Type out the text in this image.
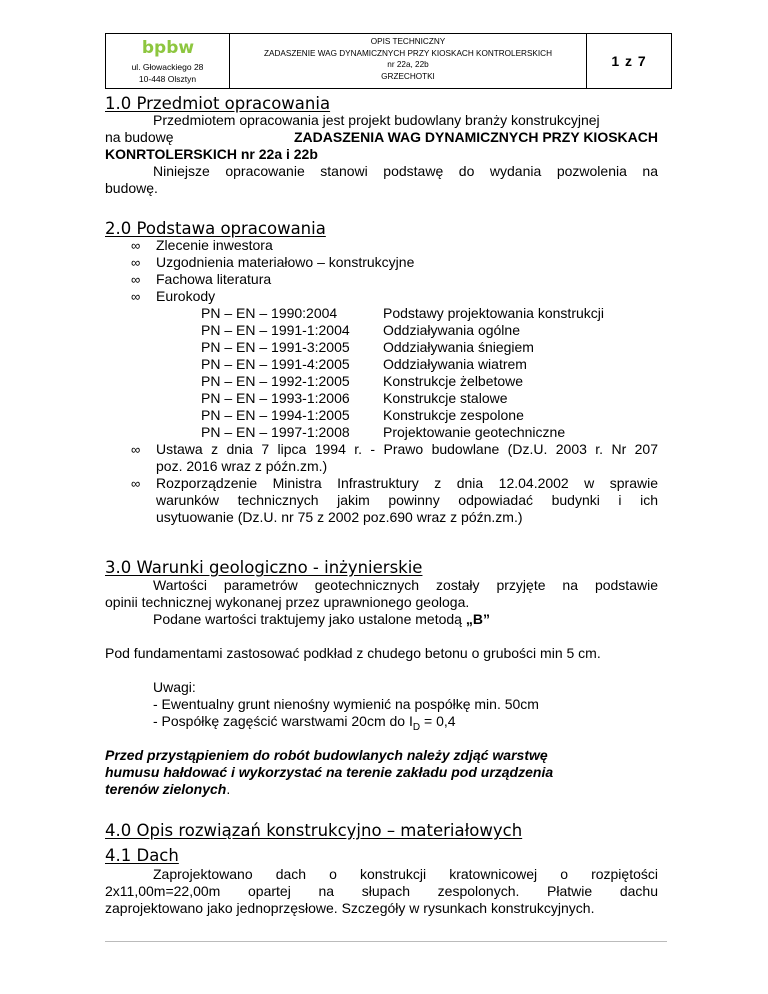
bpbw
ul. Głowackiego 28
10-448 Olsztyn
OPIS TECHNICZNY
ZADASZENIE WAG DYNAMICZNYCH PRZY KIOSKACH KONTROLERSKICH
nr 22a, 22b
GRZECHOTKI
1 z 7
1.0 Przedmiot opracowania
Przedmiotem opracowania jest projekt budowlany branży konstrukcyjnej
na budowę	ZADASZENIA WAG DYNAMICZNYCH PRZY KIOSKACH
KONRTOLERSKICH nr 22a i 22b
Niniejsze opracowanie stanowi podstawę do wydania pozwolenia na
budowę.
2.0 Podstawa opracowania
∞ Zlecenie inwestora
∞ Uzgodnienia materiałowo – konstrukcyjne
∞ Fachowa literatura
∞ Eurokody
PN – EN – 1990:2004	Podstawy projektowania konstrukcji
PN – EN – 1991-1:2004 Oddziaływania ogólne
PN – EN – 1991-3:2005 Oddziaływania śniegiem
PN – EN – 1991-4:2005 Oddziaływania wiatrem
PN – EN – 1992-1:2005 Konstrukcje żelbetowe
PN – EN – 1993-1:2006 Konstrukcje stalowe
PN – EN – 1994-1:2005 Konstrukcje zespolone
PN – EN – 1997-1:2008 Projektowanie geotechniczne
∞ Ustawa z dnia 7 lipca 1994 r. - Prawo budowlane (Dz.U. 2003 r. Nr 207
poz. 2016 wraz z późn.zm.)
∞ Rozporządzenie Ministra Infrastruktury z dnia 12.04.2002 w sprawie
warunków technicznych jakim powinny odpowiadać budynki i ich
usytuowanie (Dz.U. nr 75 z 2002 poz.690 wraz z późn.zm.)
3.0 Warunki geologiczno - inżynierskie
Wartości parametrów geotechnicznych zostały przyjęte na podstawie
opinii technicznej wykonanej przez uprawnionego geologa.
Podane wartości traktujemy jako ustalone metodą „B”
Pod fundamentami zastosować podkład z chudego betonu o grubości min 5 cm.
Uwagi:
- Ewentualny grunt nienośny wymienić na pospółkę min. 50cm
- Pospółkę zagęścić warstwami 20cm do $I_D = 0,4$
Przed przystąpieniem do robót budowlanych należy zdjąć warstwę
humusu hałdować i wykorzystać na terenie zakładu pod urządzenia
terenów zielonych.
4.0 Opis rozwiązań konstrukcyjno – materiałowych
4.1 Dach
Zaprojektowano dach o konstrukcji kratownicowej o rozpiętości
2x11,00m=22,00m opartej na słupach zespolonych. Płatwie dachu
zaprojektowano jako jednoprzęsłowe. Szczegóły w rysunkach konstrukcyjnych.
